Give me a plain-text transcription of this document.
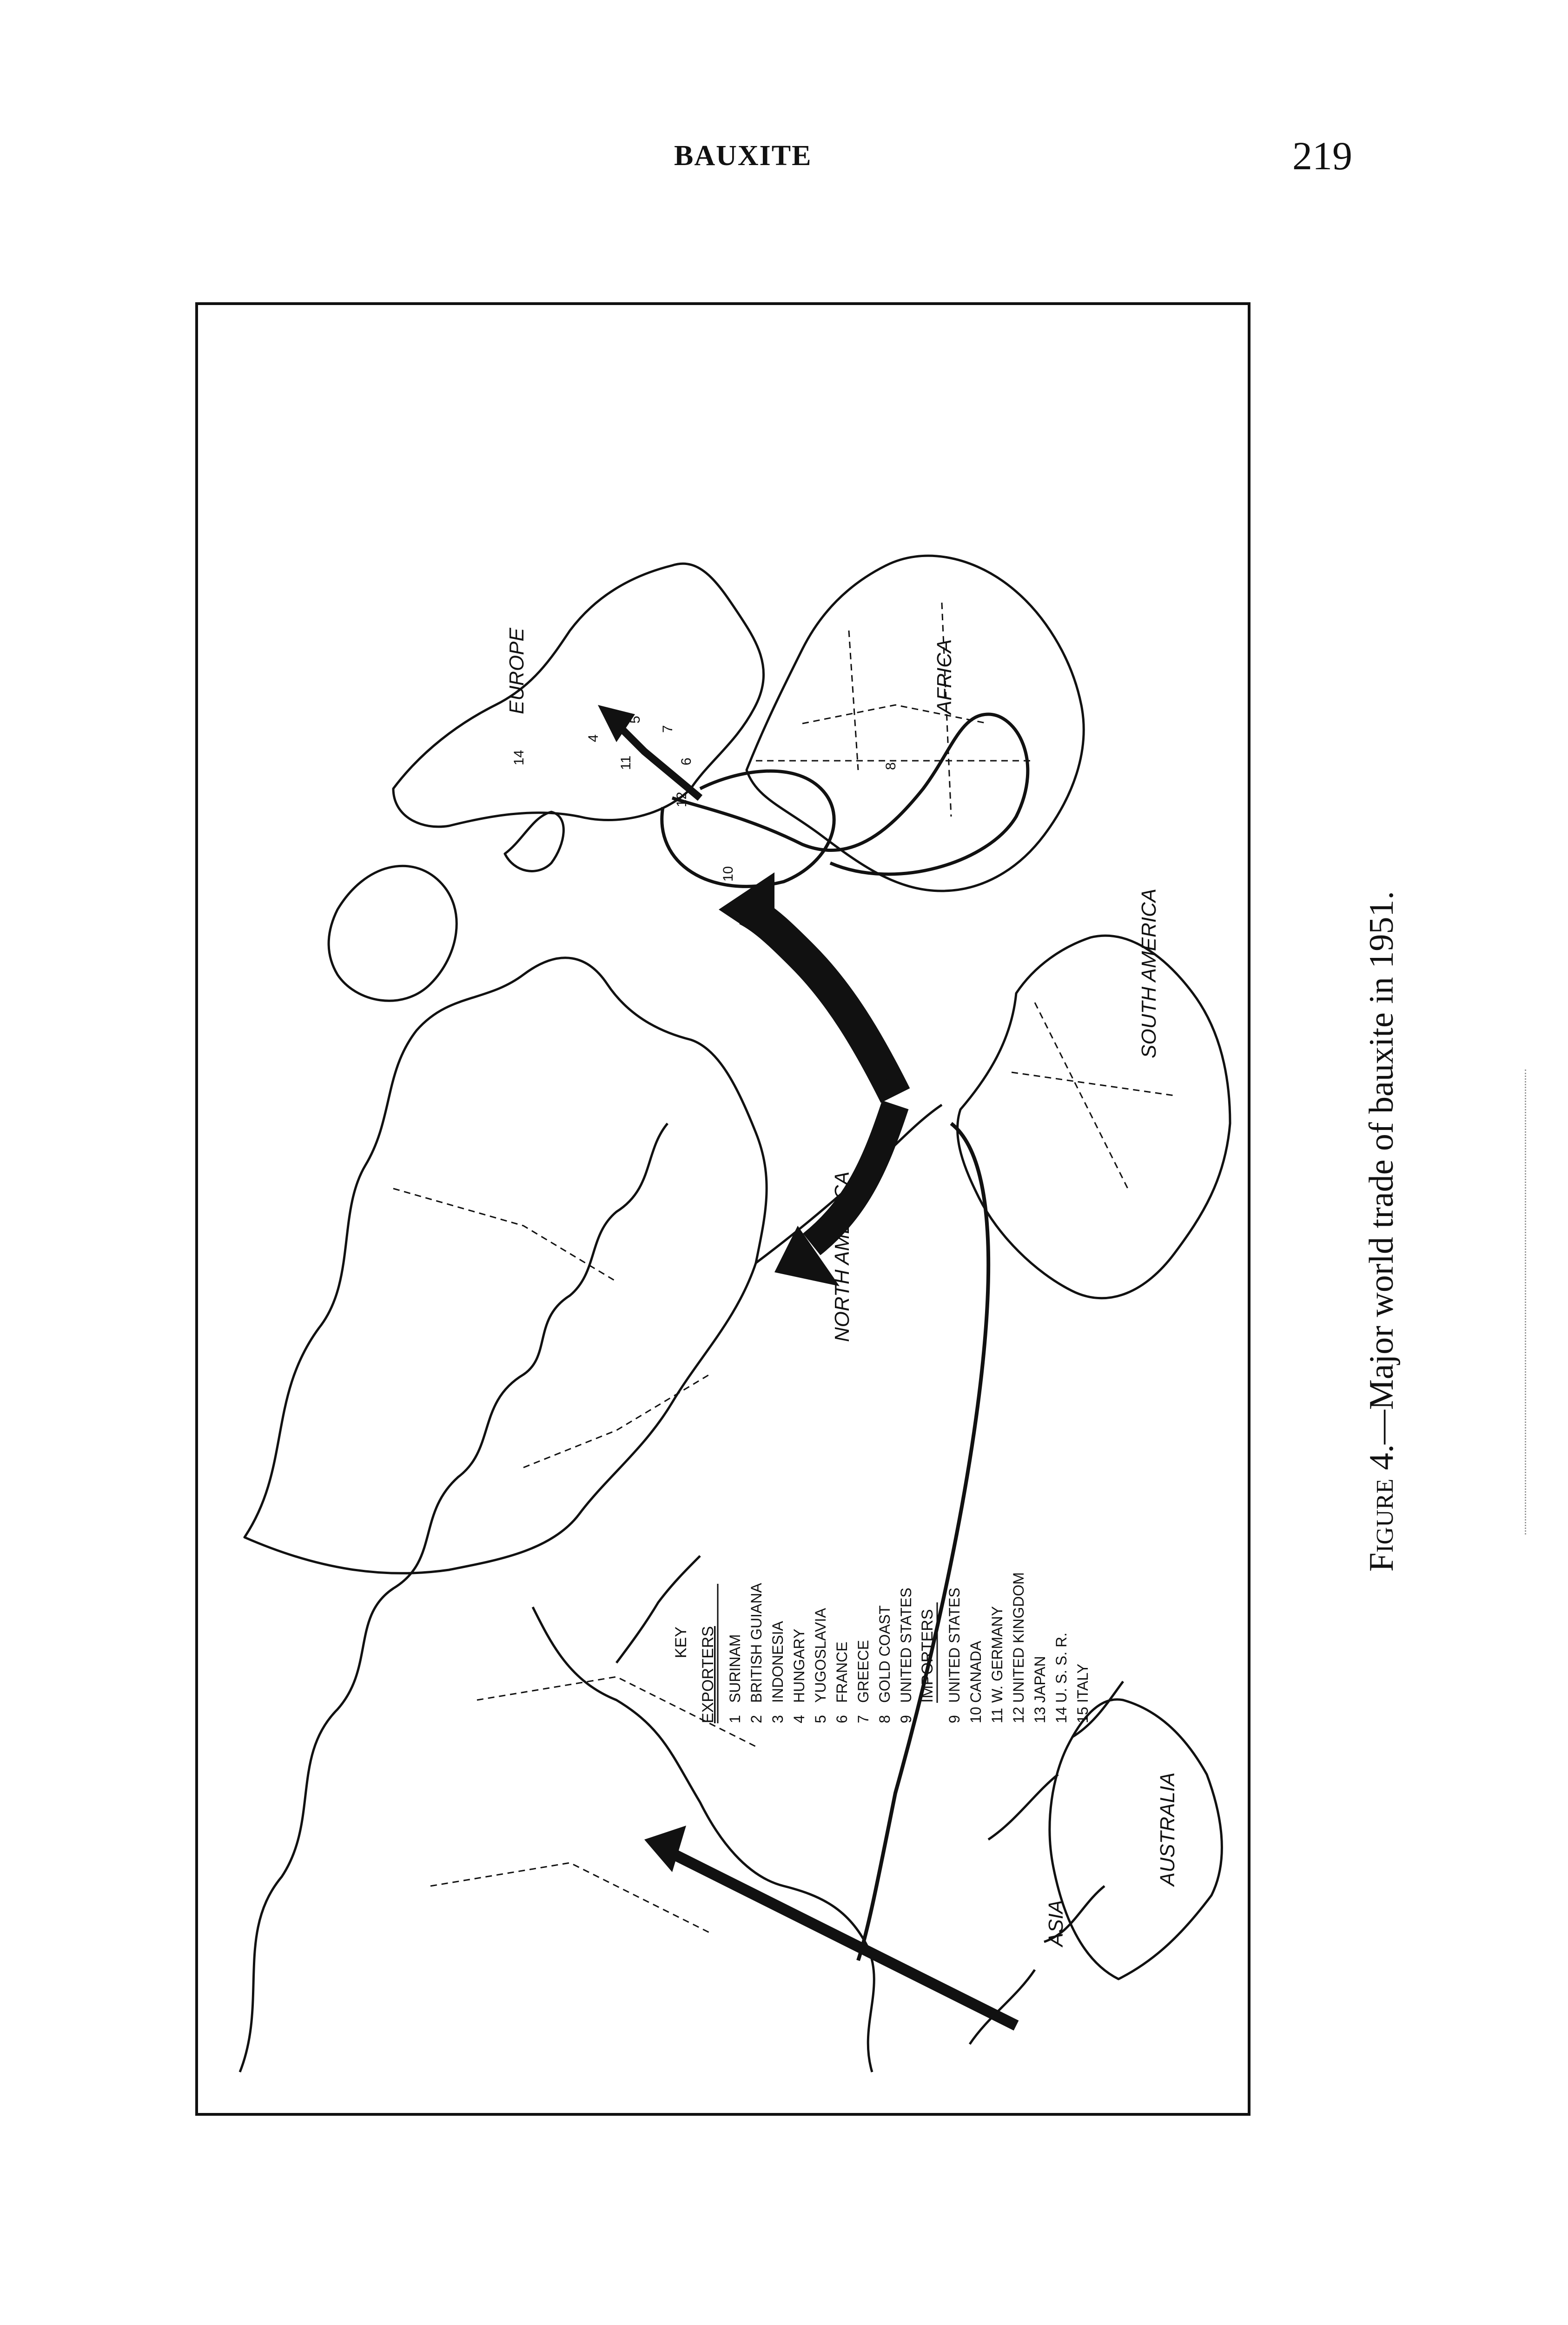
BAUXITE	219
ASIA
AUSTRALIA
NORTH AMERICA
SOUTH AMERICA
EUROPE	AFRICA
10
1 2
11
12
14
4
5
6
7
8
KEY EXPORTERS 1
SURINAM
2
BRITISH GUIANA
3
INDONESIA
4
HUNGARY
5
YUGOSLAVIA
6
FRANCE
7
GREECE
8
GOLD COAST
9
UNITED STATES IMPORTERS
9
UNITED STATES
10
CANADA
11
W. GERMANY
12
UNITED KINGDOM
13
JAPAN
14
U. S. S. R.
15
ITALY
Figure 4.—Major world trade of bauxite in 1951.
